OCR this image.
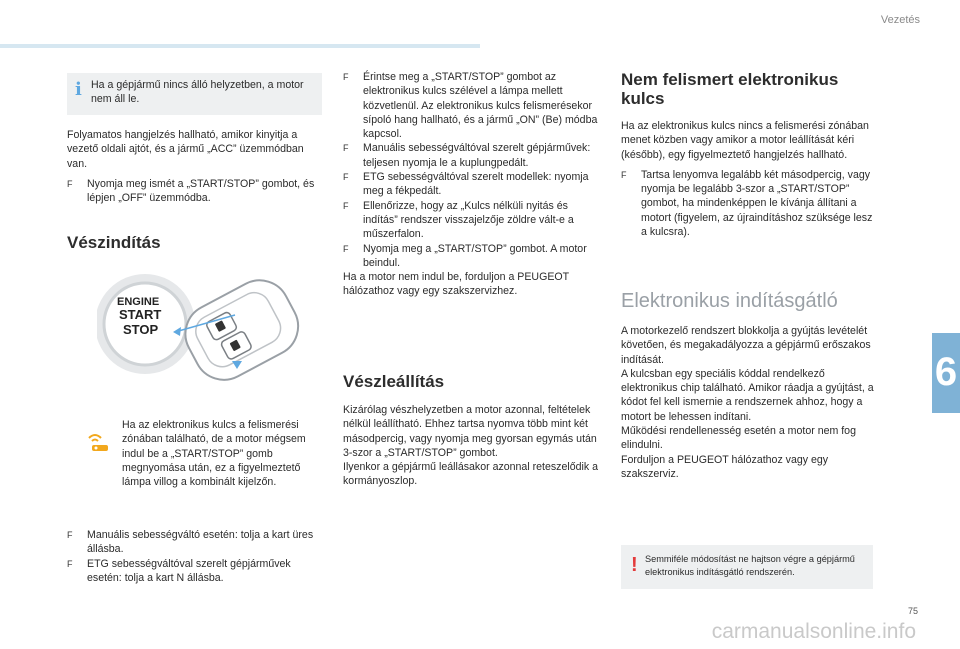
Vezetés
6
75
carmanualsonline.info
i Ha a gépjármű nincs álló helyzetben, a motor nem áll le.

Folyamatos hangjelzés hallható, amikor kinyitja a vezető oldali ajtót, és a jármű „ACC” üzemmódban van.

F Nyomja meg ismét a „START/STOP” gombot, és lépjen „OFF” üzemmódba.
Vészindítás
ENGINE
START
STOP
Ha az elektronikus kulcs a felismerési zónában található, de a motor mégsem indul be a „START/STOP” gomb megnyomása után, ez a figyelmeztető lámpa villog a kombinált kijelzőn.
F Manuális sebességváltó esetén: tolja a kart üres állásba.
F ETG sebességváltóval szerelt gépjárművek esetén: tolja a kart N állásba.
F Érintse meg a „START/STOP” gombot az elektronikus kulcs szélével a lámpa mellett közvetlenül. Az elektronikus kulcs felismerésekor sípoló hang hallható, és a jármű „ON” (Be) módba kapcsol.
F Manuális sebességváltóval szerelt gépjárművek: teljesen nyomja le a kuplungpedált.
F ETG sebességváltóval szerelt modellek: nyomja meg a fékpedált.
F Ellenőrizze, hogy az „Kulcs nélküli nyitás és indítás” rendszer visszajelzője zöldre vált-e a műszerfalon.
F Nyomja meg a „START/STOP” gombot. A motor beindul.

Ha a motor nem indul be, forduljon a PEUGEOT hálózathoz vagy egy szakszervizhez.

Vészleállítás

Kizárólag vészhelyzetben a motor azonnal, feltételek nélkül leállítható. Ehhez tartsa nyomva több mint két másodpercig, vagy nyomja meg gyorsan egymás után 3-szor a „START/STOP” gombot.

Ilyenkor a gépjármű leállásakor azonnal reteszelődik a kormányoszlop.

Nem felismert elektronikus kulcs

Ha az elektronikus kulcs nincs a felismerési zónában menet közben vagy amikor a motor leállítását kéri (később), egy figyelmeztető hangjelzés hallható.

F Tartsa lenyomva legalább két másodpercig, vagy nyomja be legalább 3-szor a „START/STOP” gombot, ha mindenképpen le kívánja állítani a motort (figyelem, az újraindításhoz szüksége lesz a kulcsra).
Elektronikus indításgátló

A motorkezelő rendszert blokkolja a gyújtás levételét követően, és megakadályozza a gépjármű erőszakos indítását.

A kulcsban egy speciális kóddal rendelkező elektronikus chip található. Amikor ráadja a gyújtást, a kódot fel kell ismernie a rendszernek ahhoz, hogy a motort be lehessen indítani.

Működési rendellenesség esetén a motor nem fog elindulni.

Forduljon a PEUGEOT hálózathoz vagy egy szakszerviz.

! Semmiféle módosítást ne hajtson végre a gépjármű elektronikus indításgátló rendszerén.
